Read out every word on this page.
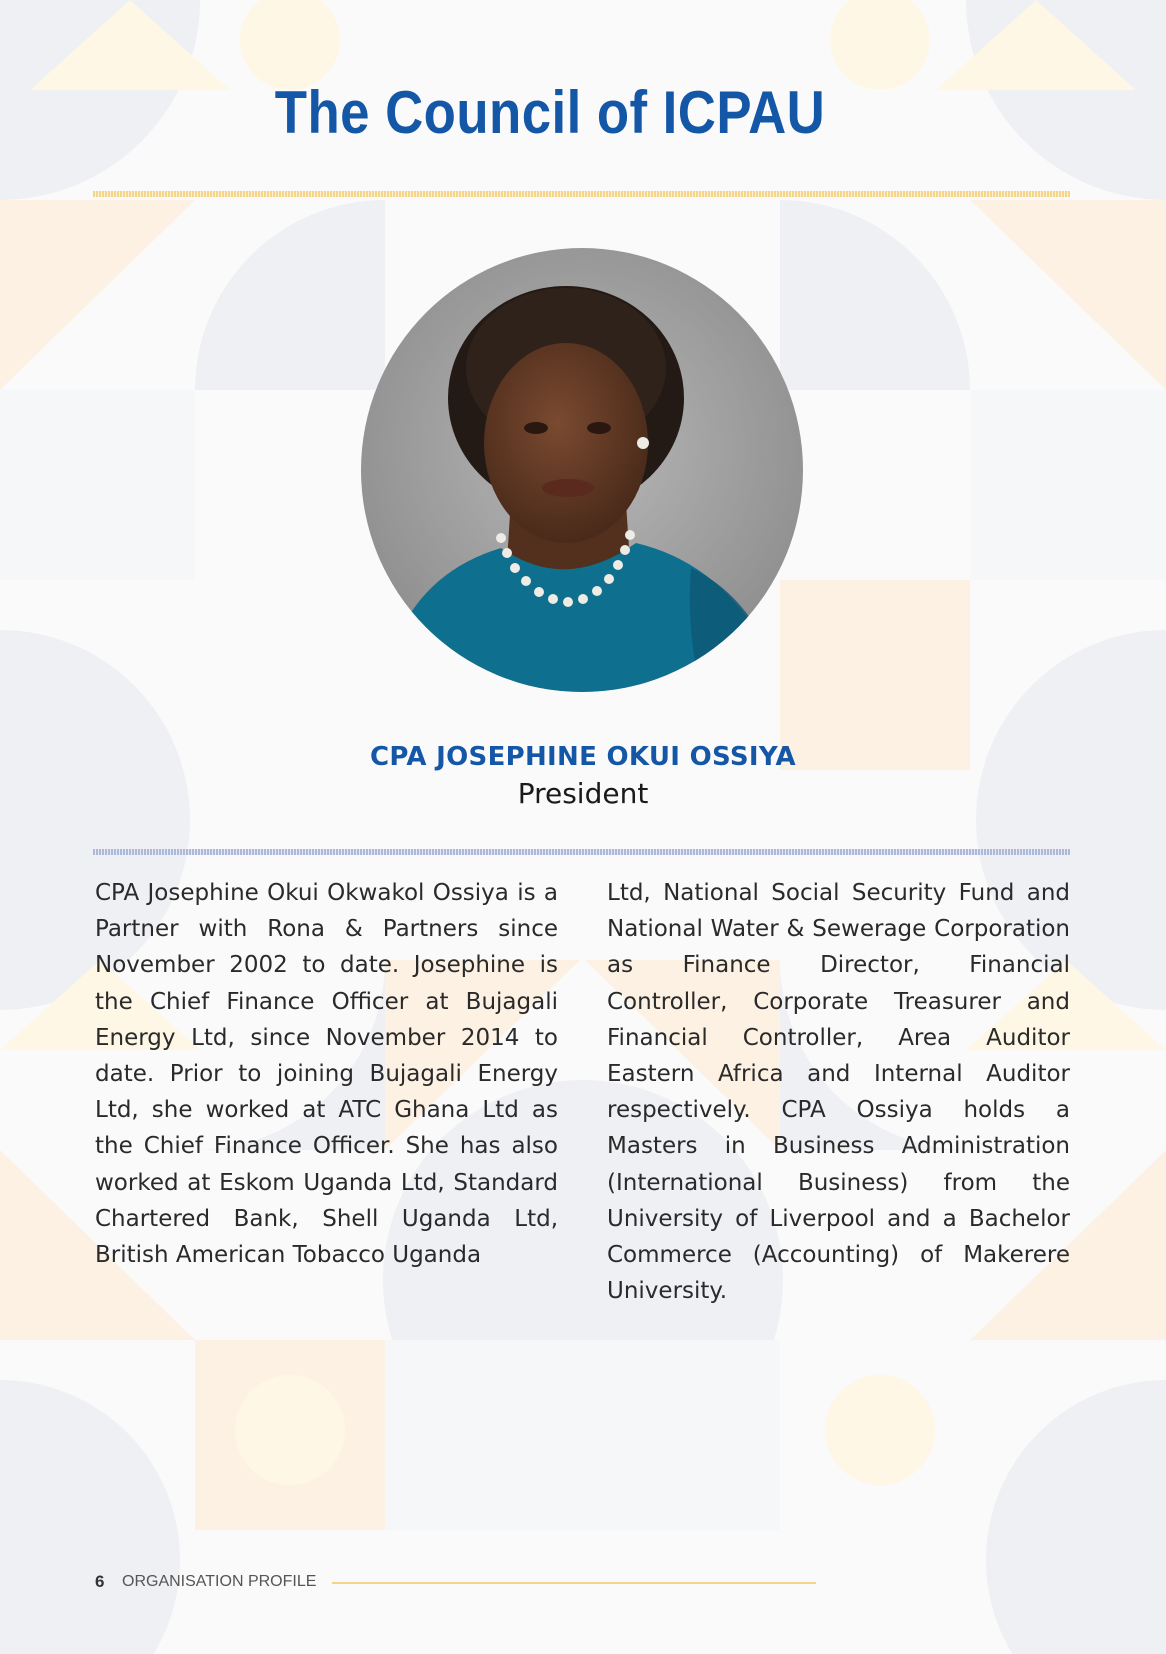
The Council of ICPAU
CPA JOSEPHINE OKUI OSSIYA
President

CPA Josephine Okui Okwakol Ossiya is a Partner with Rona & Partners since November 2002 to date. Josephine is the Chief Finance Officer at Bujagali Energy Ltd, since November 2014 to date. Prior to joining Bujagali Energy Ltd, she worked at ATC Ghana Ltd as the Chief Finance Officer. She has also worked at Eskom Uganda Ltd, Standard Chartered Bank, Shell Uganda Ltd, British American Tobacco Uganda

Ltd, National Social Security Fund and National Water & Sewerage Corporation as Finance Director, Financial Controller, Corporate Treasurer and Financial Controller, Area Auditor Eastern Africa and Internal Auditor respectively. CPA Ossiya holds a Masters in Business Administration (International Business) from the University of Liverpool and a Bachelor Commerce (Accounting) of Makerere University.

6 ORGANISATION PROFILE
